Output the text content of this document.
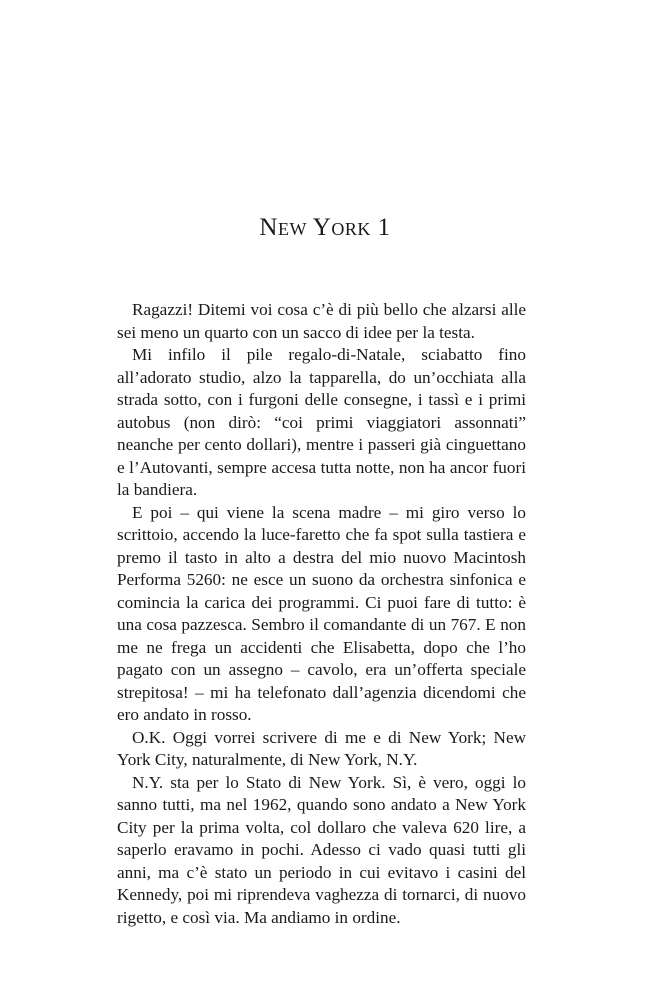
New York 1

Ragazzi! Ditemi voi cosa c’è di più bello che alzarsi alle sei meno un quarto con un sacco di idee per la testa.

Mi infilo il pile regalo-di-Natale, sciabatto fino all’adorato studio, alzo la tapparella, do un’occhiata alla strada sotto, con i furgoni delle consegne, i tassì e i primi autobus (non dirò: “coi primi viaggiatori assonnati” neanche per cento dollari), mentre i passeri già cinguettano e l’Autovanti, sempre accesa tutta notte, non ha ancor fuori la bandiera.

E poi – qui viene la scena madre – mi giro verso lo scrittoio, accendo la luce-faretto che fa spot sulla tastiera e premo il tasto in alto a destra del mio nuovo Macintosh Performa 5260: ne esce un suono da orchestra sinfonica e comincia la carica dei programmi. Ci puoi fare di tutto: è una cosa pazzesca. Sembro il comandante di un 767. E non me ne frega un accidenti che Elisabetta, dopo che l’ho pagato con un assegno – cavolo, era un’offerta speciale strepitosa! – mi ha telefonato dall’agenzia dicendomi che ero andato in rosso.

O.K. Oggi vorrei scrivere di me e di New York; New York City, naturalmente, di New York, N.Y.

N.Y. sta per lo Stato di New York. Sì, è vero, oggi lo sanno tutti, ma nel 1962, quando sono andato a New York City per la prima volta, col dollaro che valeva 620 lire, a saperlo eravamo in pochi. Adesso ci vado quasi tutti gli anni, ma c’è stato un periodo in cui evitavo i casini del Kennedy, poi mi riprendeva vaghezza di tornarci, di nuovo rigetto, e così via. Ma andiamo in ordine.
